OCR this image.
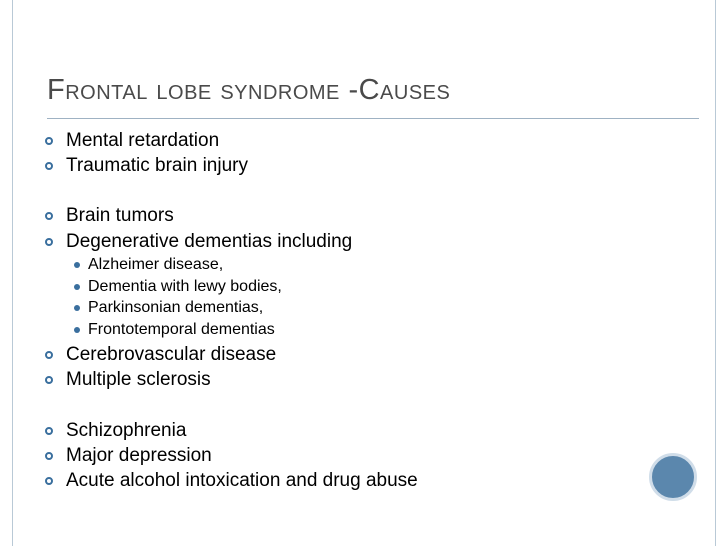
Frontal lobe syndrome -Causes
Mental retardation
Traumatic brain injury
Brain tumors
Degenerative dementias including
Alzheimer disease,
Dementia with lewy bodies,
Parkinsonian dementias,
Frontotemporal dementias
Cerebrovascular disease
Multiple sclerosis
Schizophrenia
Major depression
Acute alcohol intoxication and drug abuse
